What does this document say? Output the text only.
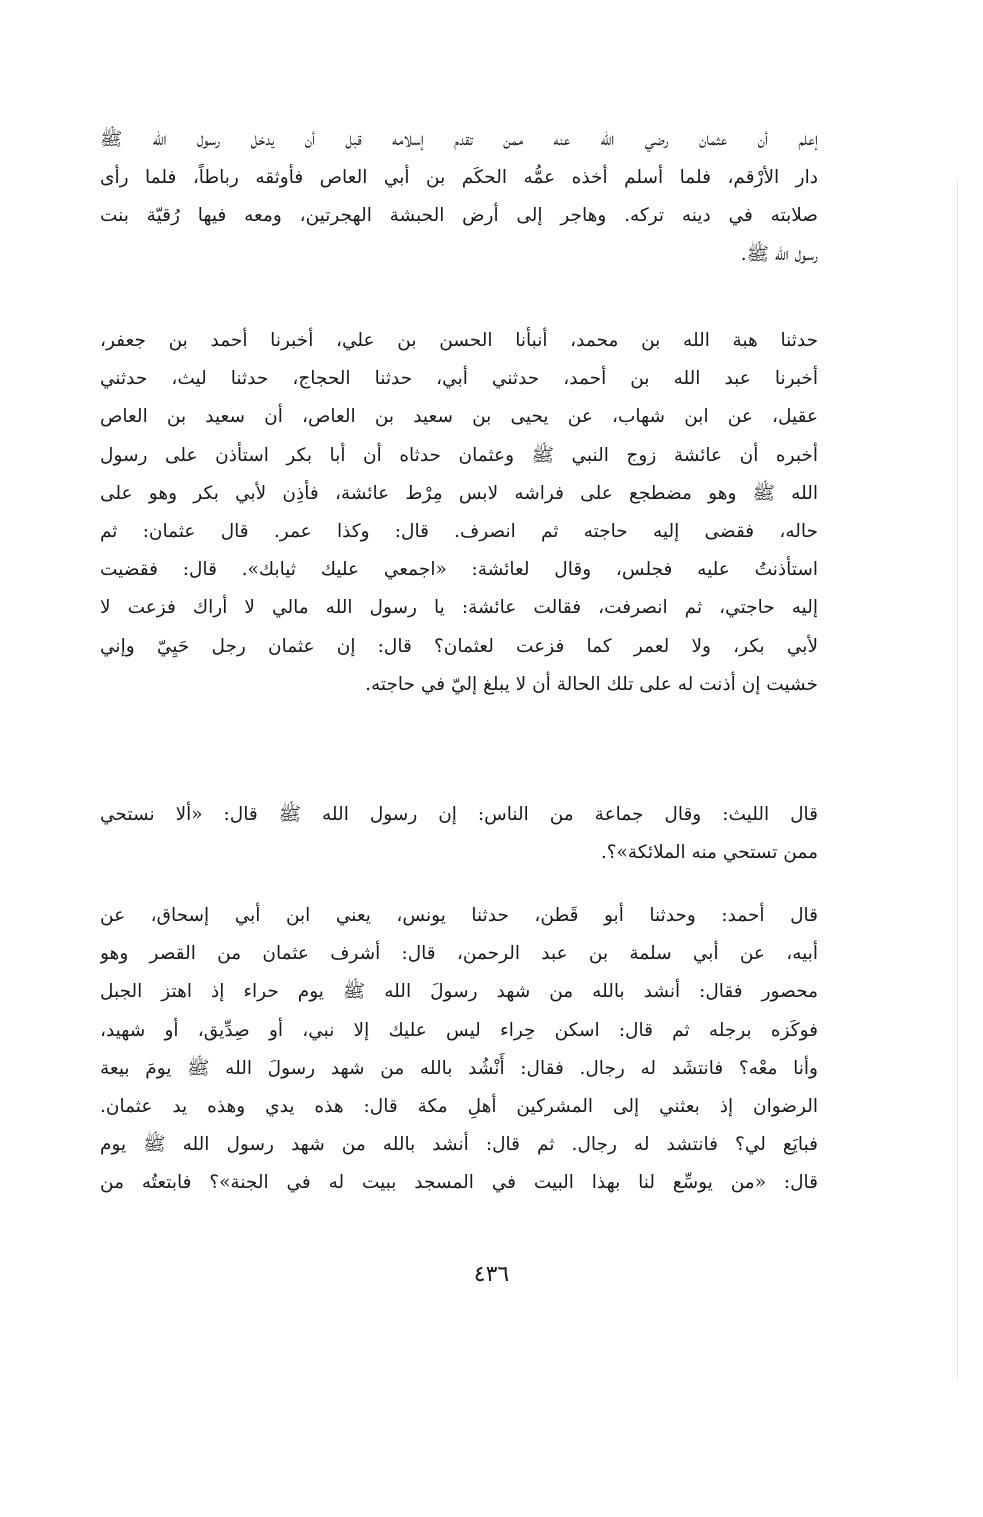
إعلم أن عثمان رضي الله عنه ممن تقدم إسلامه قبل أن يدخل رسول الله ﷺ
دار الأرْقم، فلما أسلم أخذه عمُّه الحكَم بن أبي العاص فأوثقه رباطاً، فلما رأى
صلابته في دينه تركه. وهاجر إلى أرض الحبشة الهجرتين، ومعه فيها رُقيّة بنت
رسول الله ﷺ.
حدثنا هبة الله بن محمد، أنبأنا الحسن بن علي، أخبرنا أحمد بن جعفر،
أخبرنا عبد الله بن أحمد، حدثني أبي، حدثنا الحجاج، حدثنا ليث، حدثني
عقيل، عن ابن شهاب، عن يحيى بن سعيد بن العاص، أن سعيد بن العاص
أخبره أن عائشة زوج النبي ﷺ وعثمان حدثاه أن أبا بكر استأذن على رسول
الله ﷺ وهو مضطجع على فراشه لابس مِرْط عائشة، فأذِن لأبي بكر وهو على
حاله، فقضى إليه حاجته ثم انصرف. قال: وكذا عمر. قال عثمان: ثم
استأذنتُ عليه فجلس، وقال لعائشة: «اجمعي عليك ثيابك». قال: فقضيت
إليه حاجتي، ثم انصرفت، فقالت عائشة: يا رسول الله مالي لا أراك فزعت لا
لأبي بكر، ولا لعمر كما فزعت لعثمان؟ قال: إن عثمان رجل حَيِيّ وإني
خشيت إن أذنت له على تلك الحالة أن لا يبلغ إليّ في حاجته.
قال الليث: وقال جماعة من الناس: إن رسول الله ﷺ قال: «ألا نستحي
ممن تستحي منه الملائكة»؟.
قال أحمد: وحدثنا أبو قَطن، حدثنا يونس، يعني ابن أبي إسحاق، عن
أبيه، عن أبي سلمة بن عبد الرحمن، قال: أشرف عثمان من القصر وهو
محصور فقال: أنشد بالله من شهد رسولَ الله ﷺ يوم حراء إذ اهتز الجبل
فوكَزه برجله ثم قال: اسكن حِراء ليس عليك إلا نبي، أو صِدِّيق، أو شهيد،
وأنا معْه؟ فانتشَد له رجال. فقال: أَنْشُد بالله من شهد رسولَ الله ﷺ يومَ بيعة
الرضوان إذ بعثني إلى المشركين أهلِ مكة قال: هذه يدي وهذه يد عثمان.
فبايَع لي؟ فانتشد له رجال. ثم قال: أنشد بالله من شهد رسول الله ﷺ يوم
قال: «من يوسِّع لنا بهذا البيت في المسجد ببيت له في الجنة»؟ فابتعتُه من
٤٣٦
